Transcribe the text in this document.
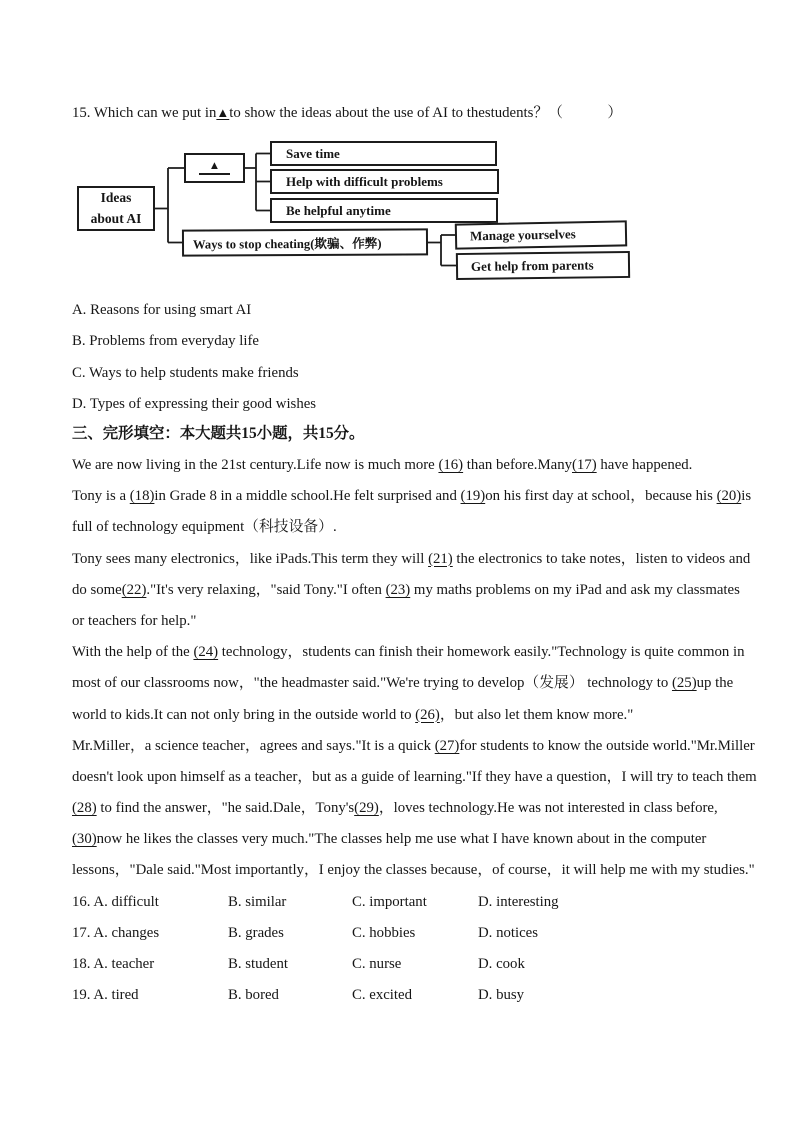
15. Which can we put in▲to show the ideas about the use of AI to thestudents？（　　　）
Ideas
about AI
▲
Save time
Help with difficult problems
Be helpful anytime
Ways to stop cheating(欺骗、作弊)
Manage yourselves
Get help from parents
A. Reasons for using smart AI
B. Problems from everyday life
C. Ways to help students make friends
D. Types of expressing their good wishes
三、完形填空：本大题共15小题，共15分。
We are now living in the 21st century.Life now is much more (16) than before.Many(17) have happened.
Tony is a (18)in Grade 8 in a middle school.He felt surprised and (19)on his first day at school，because his (20)is
full of technology equipment（科技设备）.
Tony sees many electronics，like iPads.This term they will (21) the electronics to take notes，listen to videos and
do some(22)."It's very relaxing，"said Tony."I often (23) my maths problems on my iPad and ask my classmates
or teachers for help."
With the help of the (24) technology，students can finish their homework easily."Technology is quite common in
most of our classrooms now，"the headmaster said."We're trying to develop（发展） technology to (25)up the
world to kids.It can not only bring in the outside world to (26)，but also let them know more."
Mr.Miller，a science teacher，agrees and says."It is a quick (27)for students to know the outside world."Mr.Miller
doesn't look upon himself as a teacher，but as a guide of learning."If they have a question，I will try to teach them
(28) to find the answer，"he said.Dale，Tony's(29)，loves technology.He was not interested in class before,
(30)now he likes the classes very much."The classes help me use what I have known about in the computer
lessons，"Dale said."Most importantly，I enjoy the classes because，of course，it will help me with my studies."
16. A. difficult	B. similar	C. important	D. interesting
17. A. changes	B. grades	C. hobbies	D. notices
18. A. teacher	B. student	C. nurse	D. cook
19. A. tired	B. bored	C. excited	D. busy
